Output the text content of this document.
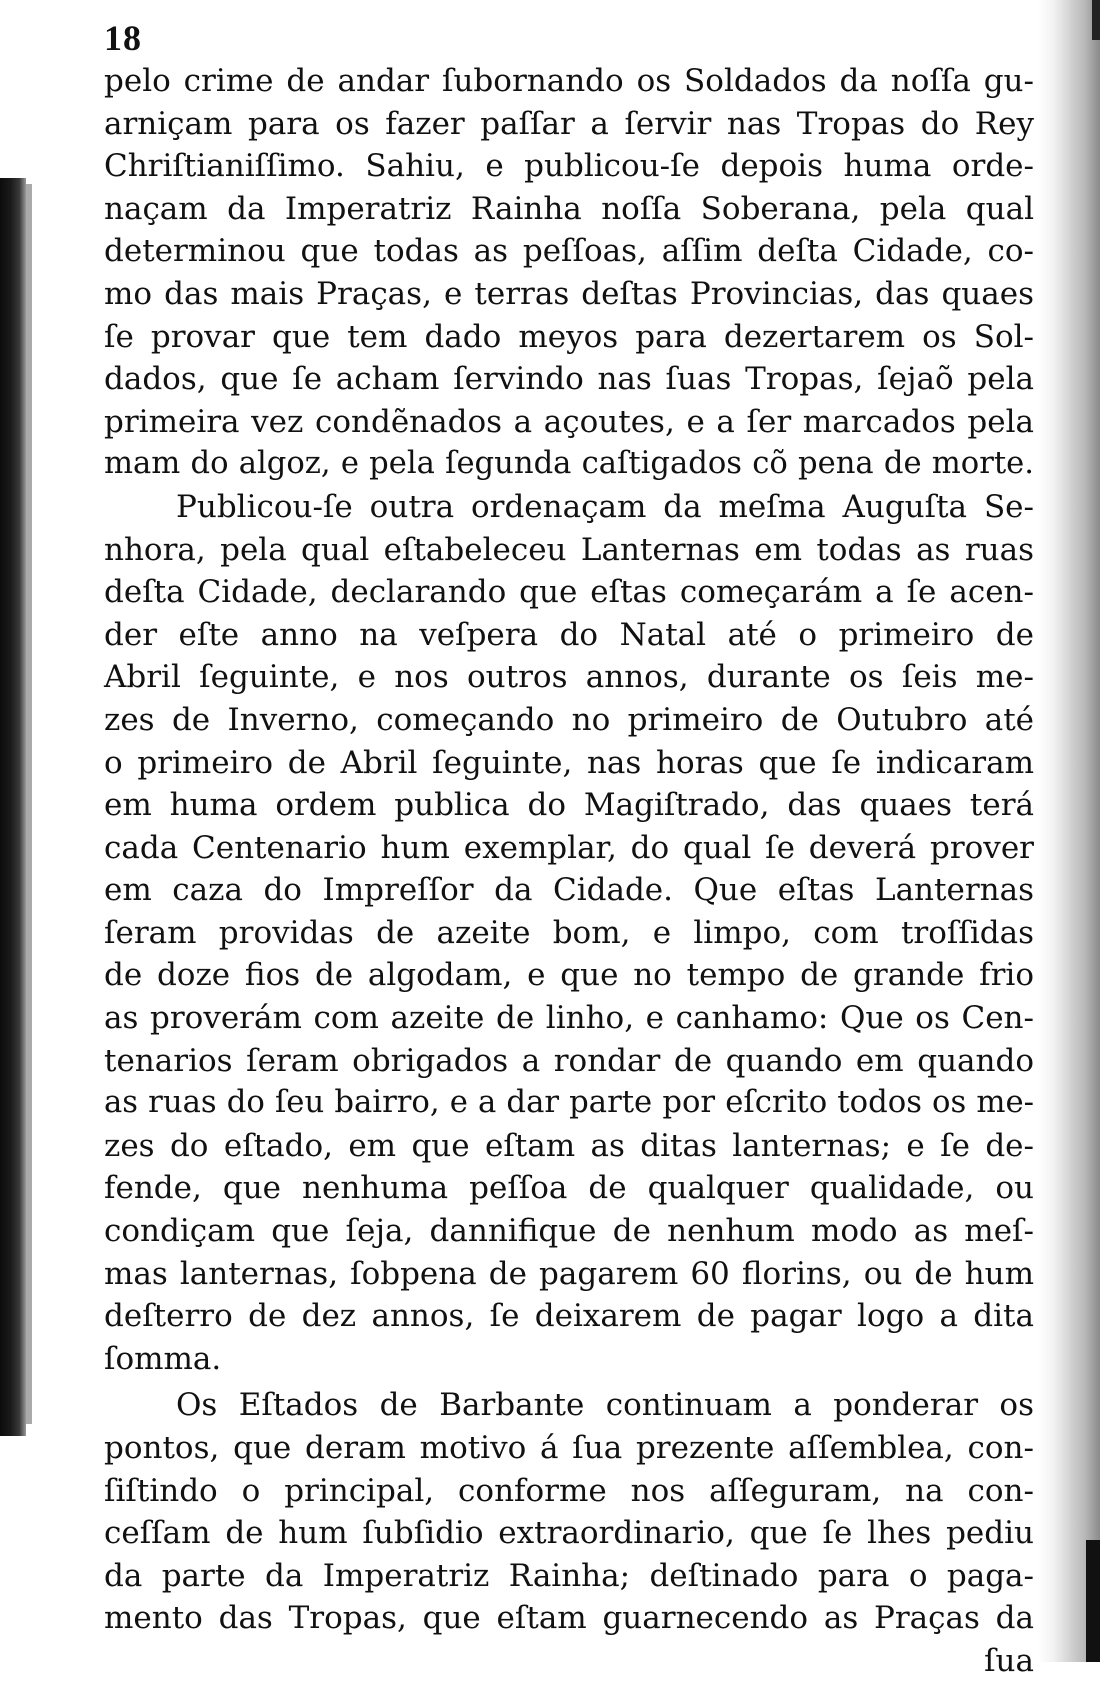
18
pelo crime de andar ſubornando os Soldados da noſſa gu-
arniçam para os fazer paſſar a ſervir nas Tropas do Rey
Chriſtianiſſimo. Sahiu, e publicou-ſe depois huma orde-
naçam da Imperatriz Rainha noſſa Soberana, pela qual
determinou que todas as peſſoas, aſſim deſta Cidade, co-
mo das mais Praças, e terras deſtas Provincias, das quaes
ſe provar que tem dado meyos para dezertarem os Sol-
dados, que ſe acham ſervindo nas ſuas Tropas, ſejaõ pela
primeira vez condẽnados a açoutes, e a ſer marcados pela
mam do algoz, e pela ſegunda caſtigados cõ pena de morte.
Publicou-ſe outra ordenaçam da meſma Auguſta Se-
nhora, pela qual eſtabeleceu Lanternas em todas as ruas
deſta Cidade, declarando que eſtas começarám a ſe acen-
der eſte anno na veſpera do Natal até o primeiro de
Abril ſeguinte, e nos outros annos, durante os ſeis me-
zes de Inverno, começando no primeiro de Outubro até
o primeiro de Abril ſeguinte, nas horas que ſe indicaram
em huma ordem publica do Magiſtrado, das quaes terá
cada Centenario hum exemplar, do qual ſe deverá prover
em caza do Impreſſor da Cidade. Que eſtas Lanternas
ſeram providas de azeite bom, e limpo, com troſſidas
de doze fios de algodam, e que no tempo de grande frio
as proverám com azeite de linho, e canhamo: Que os Cen-
tenarios ſeram obrigados a rondar de quando em quando
as ruas do ſeu bairro, e a dar parte por eſcrito todos os me-
zes do eſtado, em que eſtam as ditas lanternas; e ſe de-
fende, que nenhuma peſſoa de qualquer qualidade, ou
condiçam que ſeja, dannifique de nenhum modo as meſ-
mas lanternas, ſobpena de pagarem 60 florins, ou de hum
deſterro de dez annos, ſe deixarem de pagar logo a dita
ſomma.
Os Eſtados de Barbante continuam a ponderar os
pontos, que deram motivo á ſua prezente aſſemblea, con-
ſiſtindo o principal, conforme nos aſſeguram, na con-
ceſſam de hum ſubſidio extraordinario, que ſe lhes pediu
da parte da Imperatriz Rainha; deſtinado para o paga-
mento das Tropas, que eſtam guarnecendo as Praças da
ſua
